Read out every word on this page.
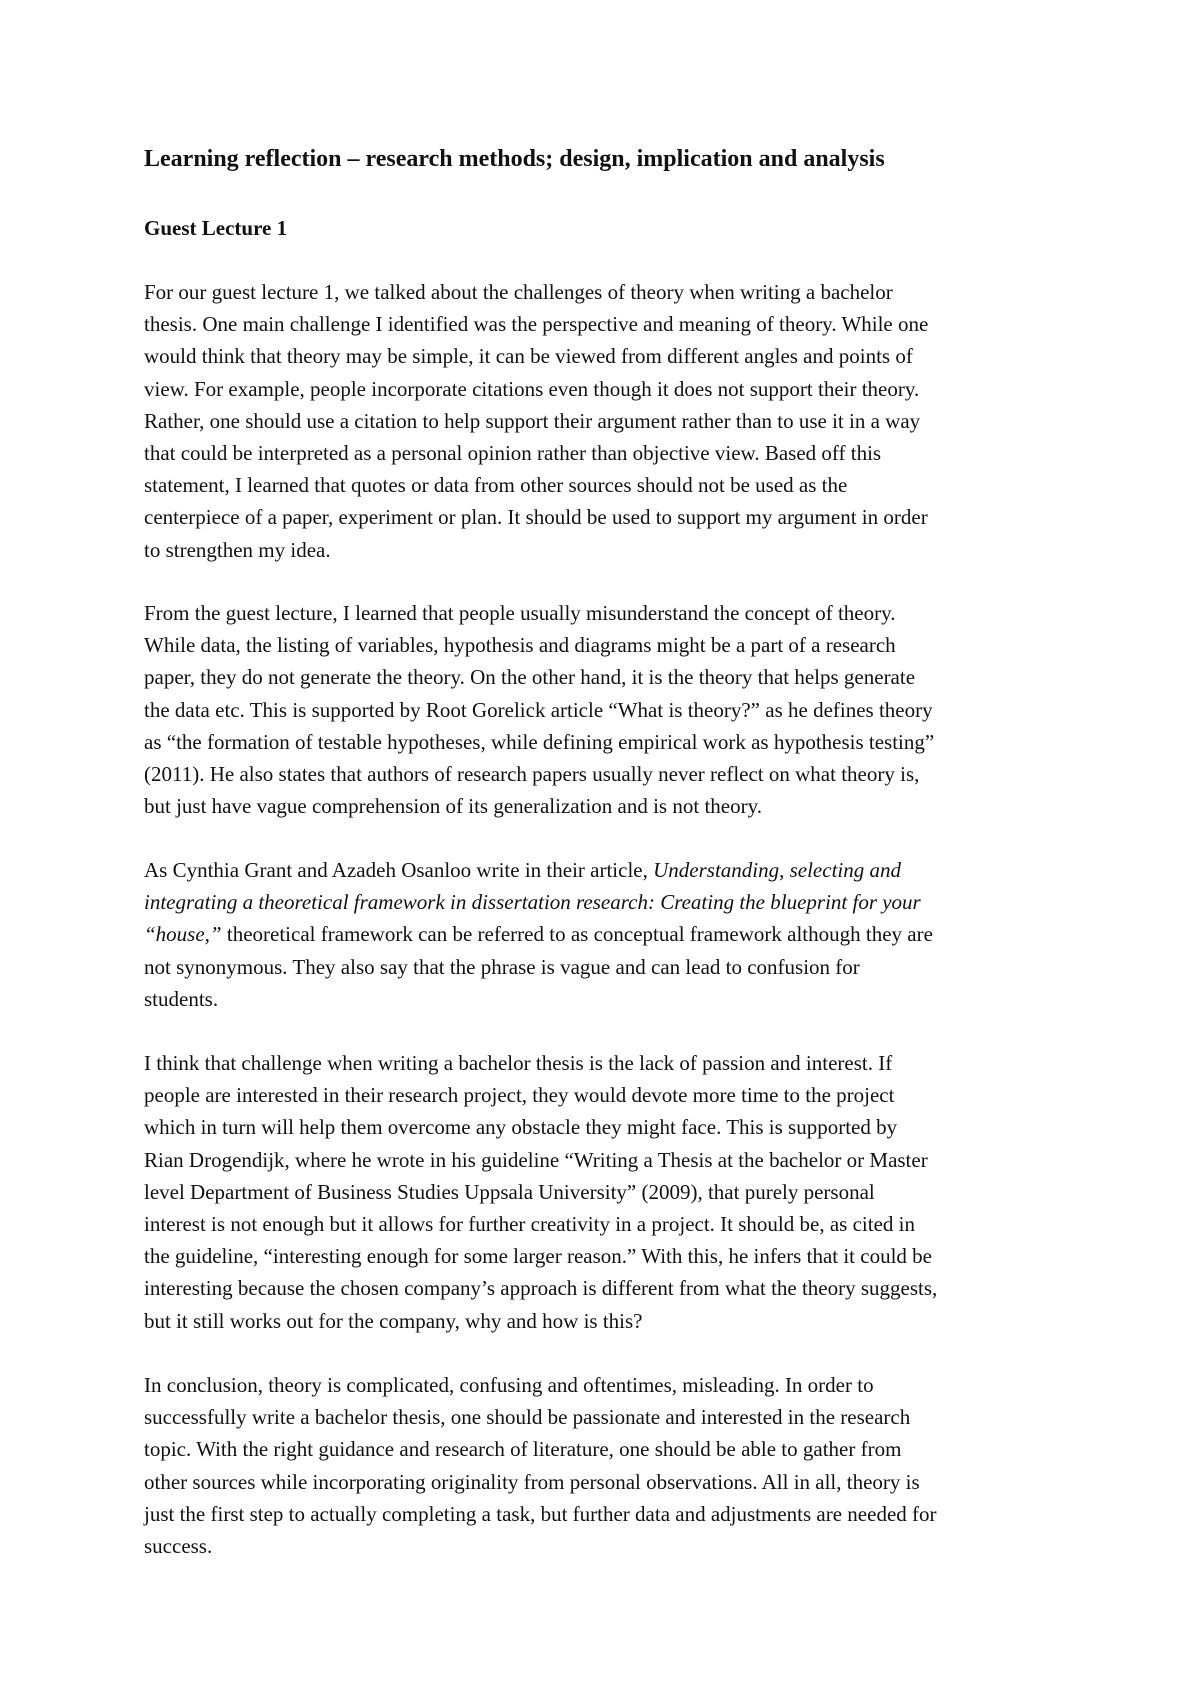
Learning reflection – research methods; design, implication and analysis
Guest Lecture 1

For our guest lecture 1, we talked about the challenges of theory when writing a bachelor
thesis. One main challenge I identified was the perspective and meaning of theory. While one
would think that theory may be simple, it can be viewed from different angles and points of
view. For example, people incorporate citations even though it does not support their theory.
Rather, one should use a citation to help support their argument rather than to use it in a way
that could be interpreted as a personal opinion rather than objective view. Based off this
statement, I learned that quotes or data from other sources should not be used as the
centerpiece of a paper, experiment or plan. It should be used to support my argument in order
to strengthen my idea.

From the guest lecture, I learned that people usually misunderstand the concept of theory.
While data, the listing of variables, hypothesis and diagrams might be a part of a research
paper, they do not generate the theory. On the other hand, it is the theory that helps generate
the data etc. This is supported by Root Gorelick article “What is theory?” as he defines theory
as “the formation of testable hypotheses, while defining empirical work as hypothesis testing”
(2011). He also states that authors of research papers usually never reflect on what theory is,
but just have vague comprehension of its generalization and is not theory.

As Cynthia Grant and Azadeh Osanloo write in their article, Understanding, selecting and
integrating a theoretical framework in dissertation research: Creating the blueprint for your
“house,” theoretical framework can be referred to as conceptual framework although they are
not synonymous. They also say that the phrase is vague and can lead to confusion for
students.

I think that challenge when writing a bachelor thesis is the lack of passion and interest. If
people are interested in their research project, they would devote more time to the project
which in turn will help them overcome any obstacle they might face. This is supported by
Rian Drogendijk, where he wrote in his guideline “Writing a Thesis at the bachelor or Master
level Department of Business Studies Uppsala University” (2009), that purely personal
interest is not enough but it allows for further creativity in a project. It should be, as cited in
the guideline, “interesting enough for some larger reason.” With this, he infers that it could be
interesting because the chosen company’s approach is different from what the theory suggests,
but it still works out for the company, why and how is this?

In conclusion, theory is complicated, confusing and oftentimes, misleading. In order to
successfully write a bachelor thesis, one should be passionate and interested in the research
topic. With the right guidance and research of literature, one should be able to gather from
other sources while incorporating originality from personal observations. All in all, theory is
just the first step to actually completing a task, but further data and adjustments are needed for
success.
